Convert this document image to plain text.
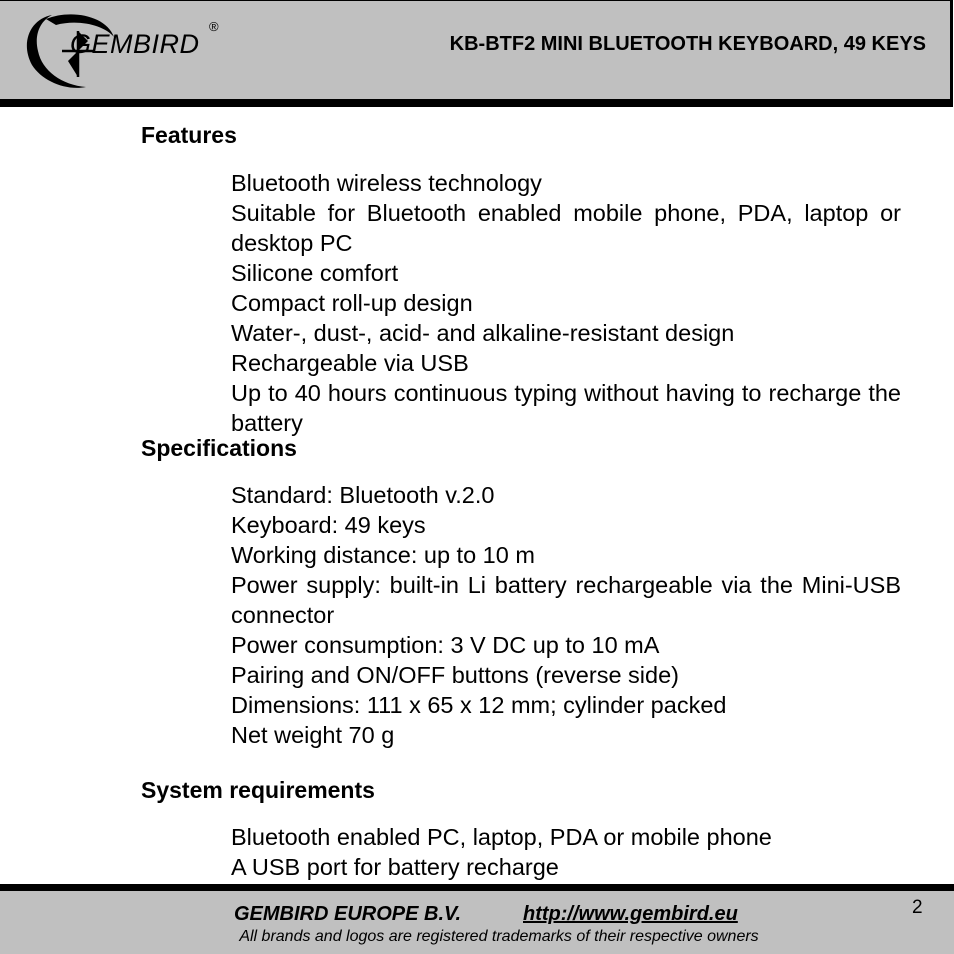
GEMBIRD
®
KB-BTF2 MINI BLUETOOTH KEYBOARD, 49 KEYS
Features
Bluetooth wireless technology
Suitable for Bluetooth enabled mobile phone, PDA, laptop or desktop PC
Silicone comfort
Compact roll-up design
Water-, dust-, acid- and alkaline-resistant design
Rechargeable via USB
Up to 40 hours continuous typing without having to recharge the battery
Specifications
Standard: Bluetooth v.2.0
Keyboard: 49 keys
Working distance: up to 10 m
Power supply: built-in Li battery rechargeable via the Mini-USB connector
Power consumption: 3 V DC up to 10 mA
Pairing and ON/OFF buttons (reverse side)
Dimensions: 111 x 65 x 12 mm; cylinder packed
Net weight 70 g
System requirements
Bluetooth enabled PC, laptop, PDA or mobile phone
A USB port for battery recharge
GEMBIRD EUROPE B.V.	http://www.gembird.eu
All brands and logos are registered trademarks of their respective owners
2
